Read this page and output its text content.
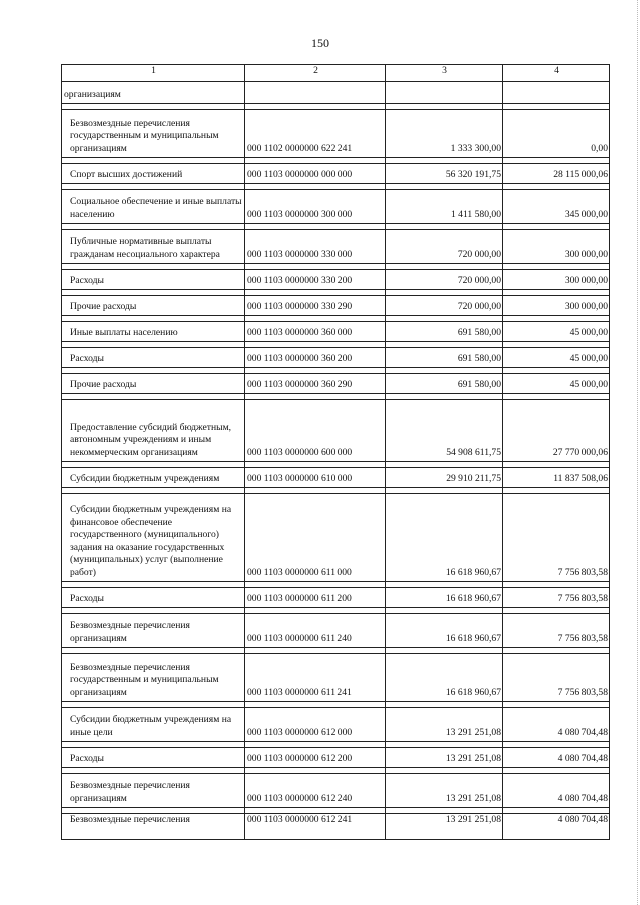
150
1	2	3	4
организациям			

Безвозмездные перечисления государственным и муниципальным организациям	000 1102 0000000 622 241	1 333 300,00	0,00

Спорт высших достижений	000 1103 0000000 000 000	56 320 191,75	28 115 000,06

Социальное обеспечение и иные выплаты населению	000 1103 0000000 300 000	1 411 580,00	345 000,00

Публичные нормативные выплаты гражданам несоциального характера	000 1103 0000000 330 000	720 000,00	300 000,00

Расходы	000 1103 0000000 330 200	720 000,00	300 000,00

Прочие расходы	000 1103 0000000 330 290	720 000,00	300 000,00

Иные выплаты населению	000 1103 0000000 360 000	691 580,00	45 000,00

Расходы	000 1103 0000000 360 200	691 580,00	45 000,00

Прочие расходы	000 1103 0000000 360 290	691 580,00	45 000,00

Предоставление субсидий бюджетным, автономным учреждениям и иным некоммерческим организациям	000 1103 0000000 600 000	54 908 611,75	27 770 000,06

Субсидии бюджетным учреждениям	000 1103 0000000 610 000	29 910 211,75	11 837 508,06

Субсидии бюджетным учреждениям на финансовое обеспечение государственного (муниципального) задания на оказание государственных (муниципальных) услуг (выполнение работ)	000 1103 0000000 611 000	16 618 960,67	7 756 803,58

Расходы	000 1103 0000000 611 200	16 618 960,67	7 756 803,58

Безвозмездные перечисления организациям	000 1103 0000000 611 240	16 618 960,67	7 756 803,58

Безвозмездные перечисления государственным и муниципальным организациям	000 1103 0000000 611 241	16 618 960,67	7 756 803,58

Субсидии бюджетным учреждениям на иные цели	000 1103 0000000 612 000	13 291 251,08	4 080 704,48

Расходы	000 1103 0000000 612 200	13 291 251,08	4 080 704,48

Безвозмездные перечисления организациям	000 1103 0000000 612 240	13 291 251,08	4 080 704,48

Безвозмездные перечисления	000 1103 0000000 612 241	13 291 251,08	4 080 704,48
